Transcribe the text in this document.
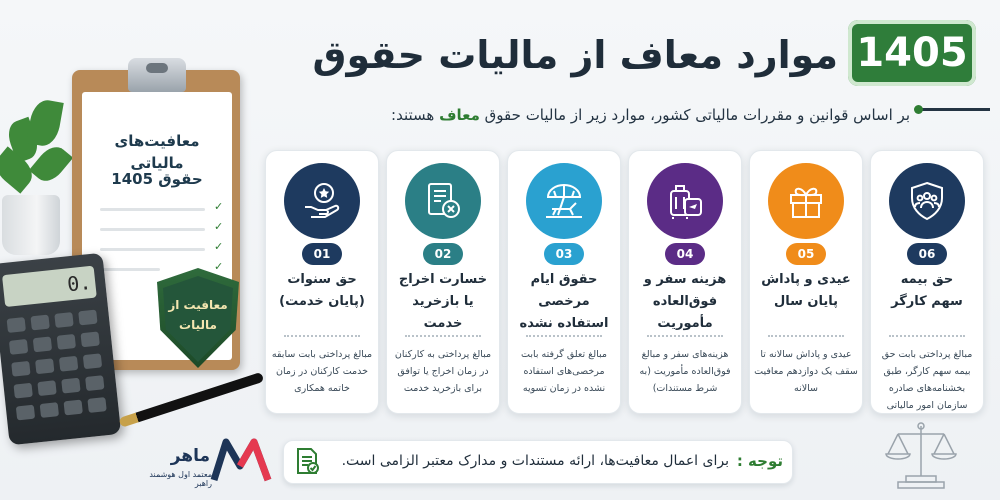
معافیت‌های مالیاتی
حقوق 1405
✓
✓
✓
✓
معافیت از
مالیات
0.
1405
موارد معاف از مالیات حقوق
بر اساس قوانین و مقررات مالیاتی کشور، موارد زیر از مالیات حقوق معاف هستند:
01
حق سنوات
(پایان خدمت)
مبالغ پرداختی بابت سابقه خدمت کارکنان در زمان خاتمه همکاری
02
خسارت اخراج
یا بازخرید خدمت
مبالغ پرداختی به کارکنان در زمان اخراج یا توافق برای بازخرید خدمت
03
حقوق ایام مرخصی
استفاده نشده
مبالغ تعلق گرفته بابت مرخصی‌های استفاده نشده در زمان تسویه
04
هزینه سفر و
فوق‌العاده مأموریت
هزینه‌های سفر و مبالغ فوق‌العاده مأموریت (به شرط مستندات)
05
عیدی و پاداش
پایان سال
عیدی و پاداش سالانه تا سقف یک دوازدهم معافیت سالانه
06
حق بیمه
سهم کارگر
مبالغ پرداختی بابت حق بیمه سهم کارگر، طبق بخشنامه‌های صادره سازمان امور مالیاتی
برای اعمال معافیت‌ها، ارائه مستندات و مدارک معتبر الزامی است. توجه :
ماهر
معتمد اول هوشمند راهبر
